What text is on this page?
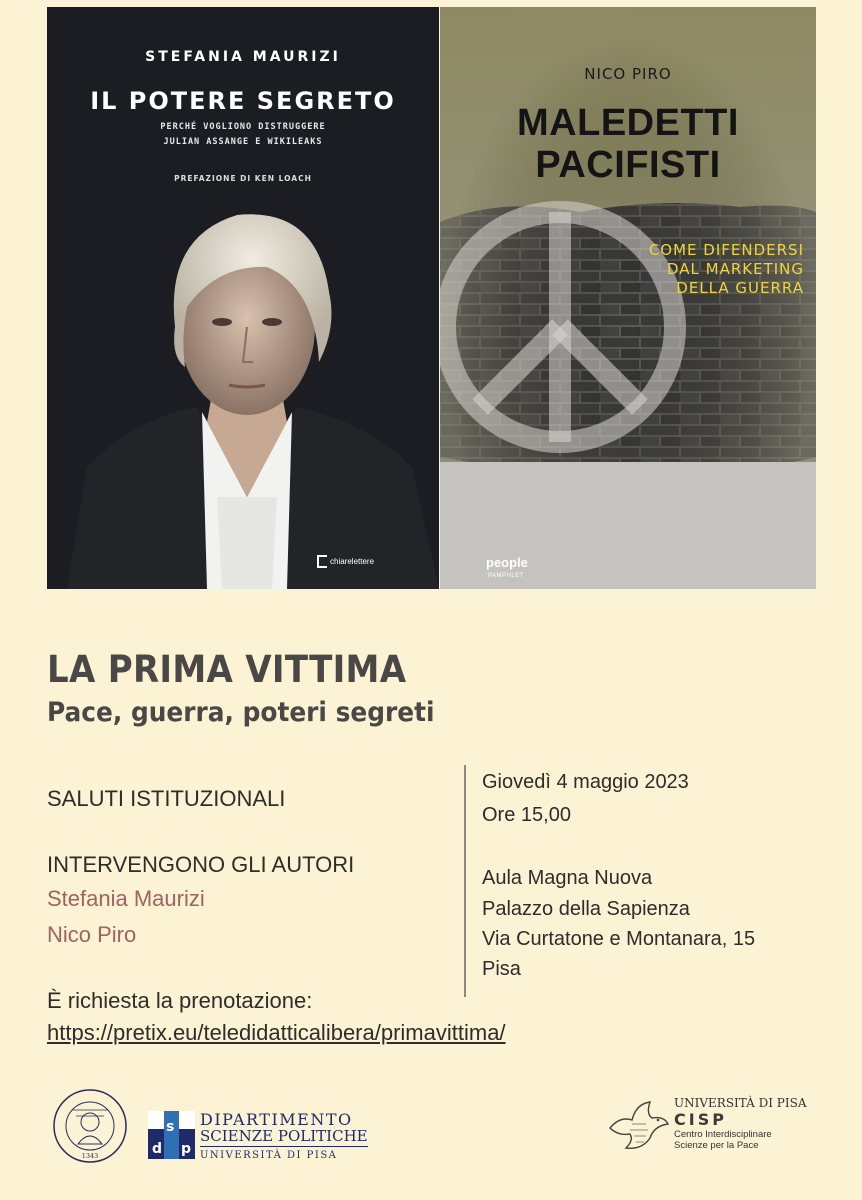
STEFANIA MAURIZI
IL POTERE SEGRETO
PERCHÉ VOGLIONO DISTRUGGERE
JULIAN ASSANGE E WIKILEAKS
PREFAZIONE DI KEN LOACH
chiarelettere
NICO PIRO
MALEDETTI
PACIFISTI
COME DIFENDERSI
DAL MARKETING
DELLA GUERRA
people
PAMPHLET
LA PRIMA VITTIMA
Pace, guerra, poteri segreti
SALUTI ISTITUZIONALI
INTERVENGONO GLI AUTORI
Stefania Maurizi
Nico Piro
È richiesta la prenotazione:
https://pretix.eu/teledidatticalibera/primavittima/
Giovedì 4 maggio 2023
Ore 15,00
Aula Magna Nuova
Palazzo della Sapienza
Via Curtatone e Montanara, 15
Pisa
1343	d
s
p
DIPARTIMENTO
SCIENZE POLITICHE
UNIVERSITÀ DI PISA
UNIVERSITÀ DI PISA
CISP
Centro Interdisciplinare
Scienze per la Pace
